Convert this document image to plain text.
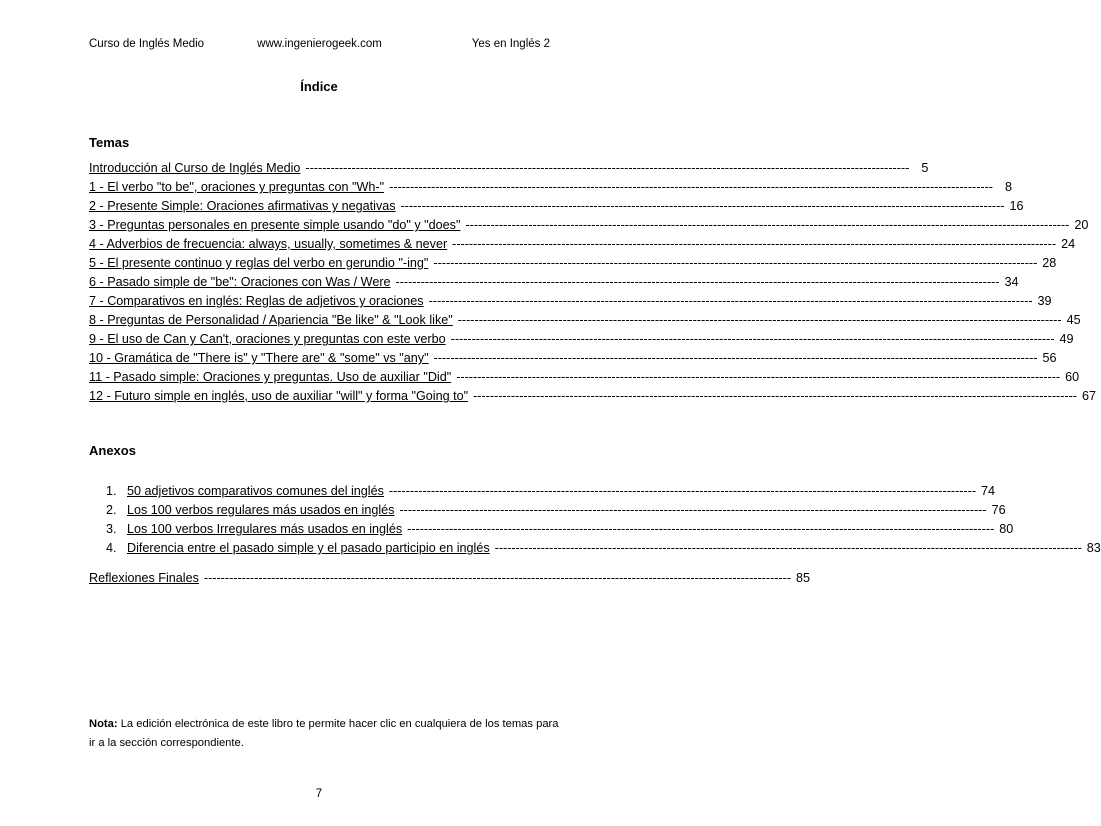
Curso de Inglés Medio	www.ingenierogeek.com	Yes en Inglés 2
Índice
Temas
Introducción al Curso de Inglés Medio -----	5
1 - El verbo "to be", oraciones y preguntas con "Wh-" -----	8
2 - Presente Simple: Oraciones afirmativas y negativas -----	16
3 - Preguntas personales en presente simple usando "do" y "does" -----	20
4 - Adverbios de frecuencia: always, usually, sometimes & never -----	24
5 - El presente continuo y reglas del verbo en gerundio "-ing" -----	28
6 - Pasado simple de "be": Oraciones con Was / Were -----	34
7 - Comparativos en inglés: Reglas de adjetivos y oraciones -----	39
8 - Preguntas de Personalidad / Apariencia "Be like" & "Look like" -----	45
9 - El uso de Can y Can't, oraciones y preguntas con este verbo -----	49
10 - Gramática de "There is" y "There are" & "some" vs "any" -----	56
11 - Pasado simple: Oraciones y preguntas. Uso de auxiliar "Did" -----	60
12 - Futuro simple en inglés, uso de auxiliar "will" y forma "Going to" -----	67
Anexos
1. 50 adjetivos comparativos comunes del inglés -------------------------------------------------------------------------------------------------------------------------------------------- 74
2. Los 100 verbos regulares más usados en inglés -------------------------------------------------------------------------------------------------------------------------------------------- 76
3. Los 100 verbos Irregulares más usados en inglés -------------------------------------------------------------------------------------------------------------------------------------------- 80
4. Diferencia entre el pasado simple y el pasado participio en inglés -------------------------------------------------------------------------------------------------------------------------------------------- 83
Reflexiones Finales -------------------------------------------------------------------------------------------------------------------------------------------- 85
Nota: La edición electrónica de este libro te permite hacer clic en cualquiera de los temas para ir a la sección correspondiente.
7
